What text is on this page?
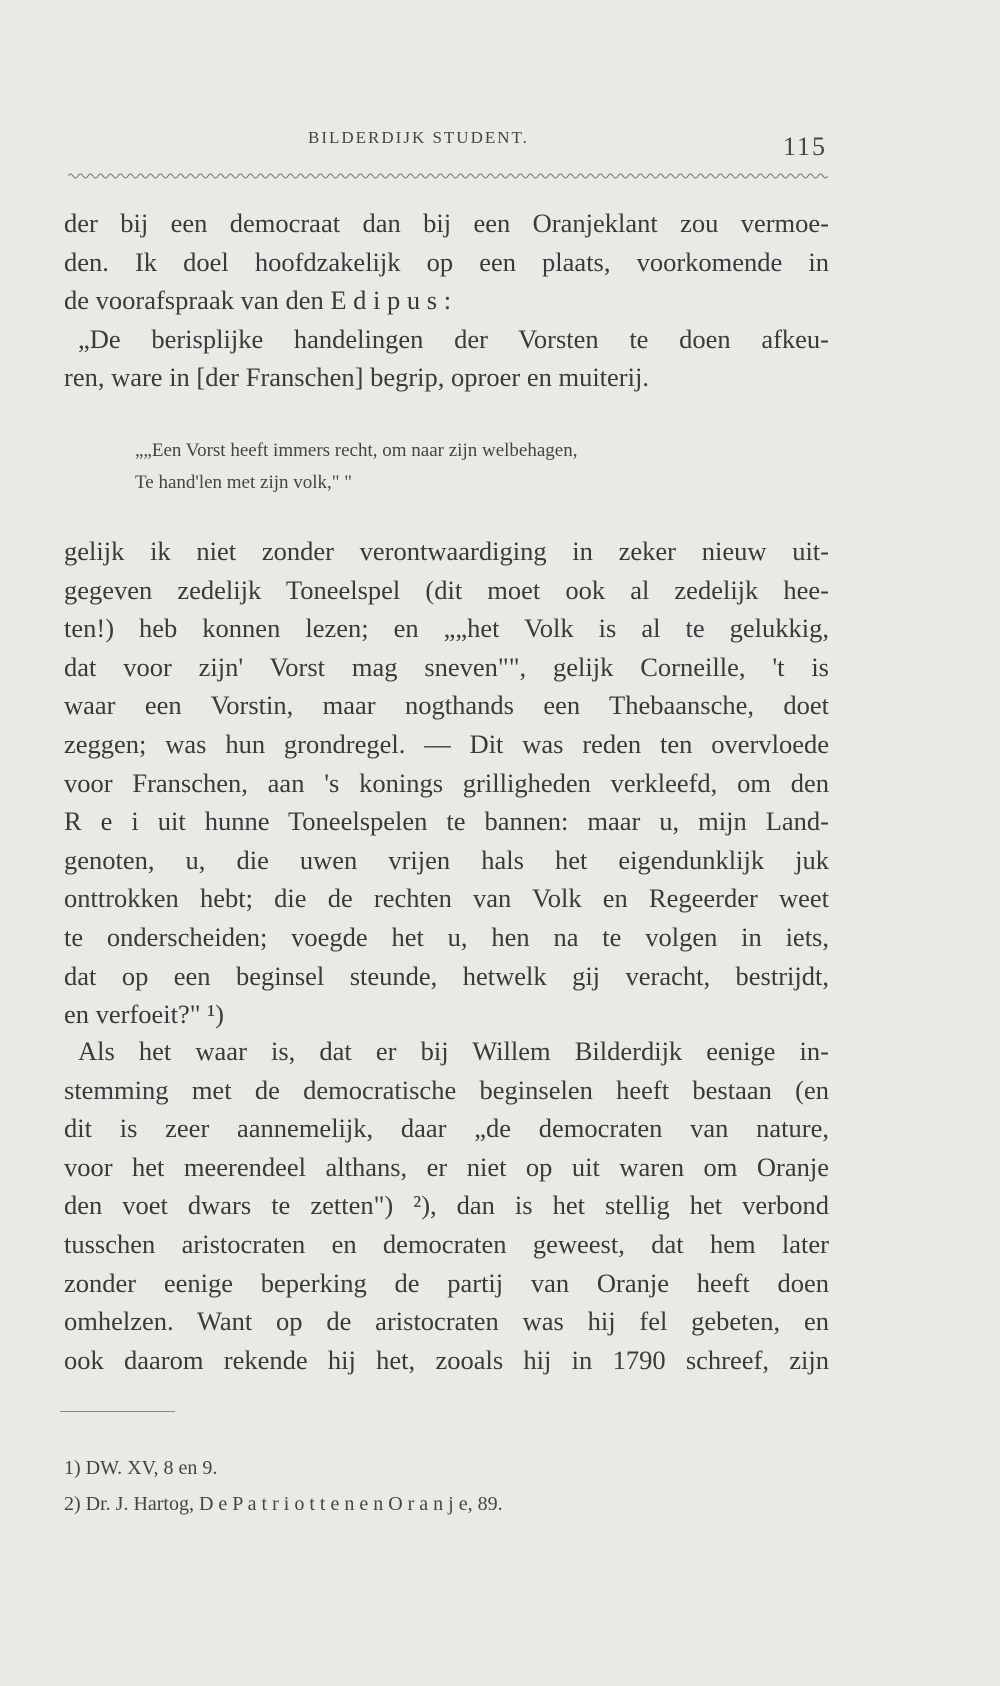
BILDERDIJK STUDENT.	115

der bij een democraat dan bij een Oranjeklant zou vermoe-
den. Ik doel hoofdzakelijk op een plaats, voorkomende in
de voorafspraak van den E d i p u s :
„De berisplijke handelingen der Vorsten te doen afkeu-
ren, ware in [der Franschen] begrip, oproer en muiterij.

„„Een Vorst heeft immers recht, om naar zijn welbehagen,
Te hand'len met zijn volk," "

gelijk ik niet zonder verontwaardiging in zeker nieuw uit-
gegeven zedelijk Toneelspel (dit moet ook al zedelijk hee-
ten!) heb konnen lezen; en „„het Volk is al te gelukkig,
dat voor zijn' Vorst mag sneven"", gelijk Corneille, 't is
waar een Vorstin, maar nogthands een Thebaansche, doet
zeggen; was hun grondregel. — Dit was reden ten overvloede
voor Franschen, aan 's konings grilligheden verkleefd, om den
R e i uit hunne Toneelspelen te bannen: maar u, mijn Land-
genoten, u, die uwen vrijen hals het eigendunklijk juk
onttrokken hebt; die de rechten van Volk en Regeerder weet
te onderscheiden; voegde het u, hen na te volgen in iets,
dat op een beginsel steunde, hetwelk gij veracht, bestrijdt,
en verfoeit?" ¹)

Als het waar is, dat er bij Willem Bilderdijk eenige in-
stemming met de democratische beginselen heeft bestaan (en
dit is zeer aannemelijk, daar „de democraten van nature,
voor het meerendeel althans, er niet op uit waren om Oranje
den voet dwars te zetten") ²), dan is het stellig het verbond
tusschen aristocraten en democraten geweest, dat hem later
zonder eenige beperking de partij van Oranje heeft doen
omhelzen. Want op de aristocraten was hij fel gebeten, en
ook daarom rekende hij het, zooals hij in 1790 schreef, zijn

1) DW. XV, 8 en 9.
2) Dr. J. Hartog, D e P a t r i o t t e n e n O r a n j e, 89.
